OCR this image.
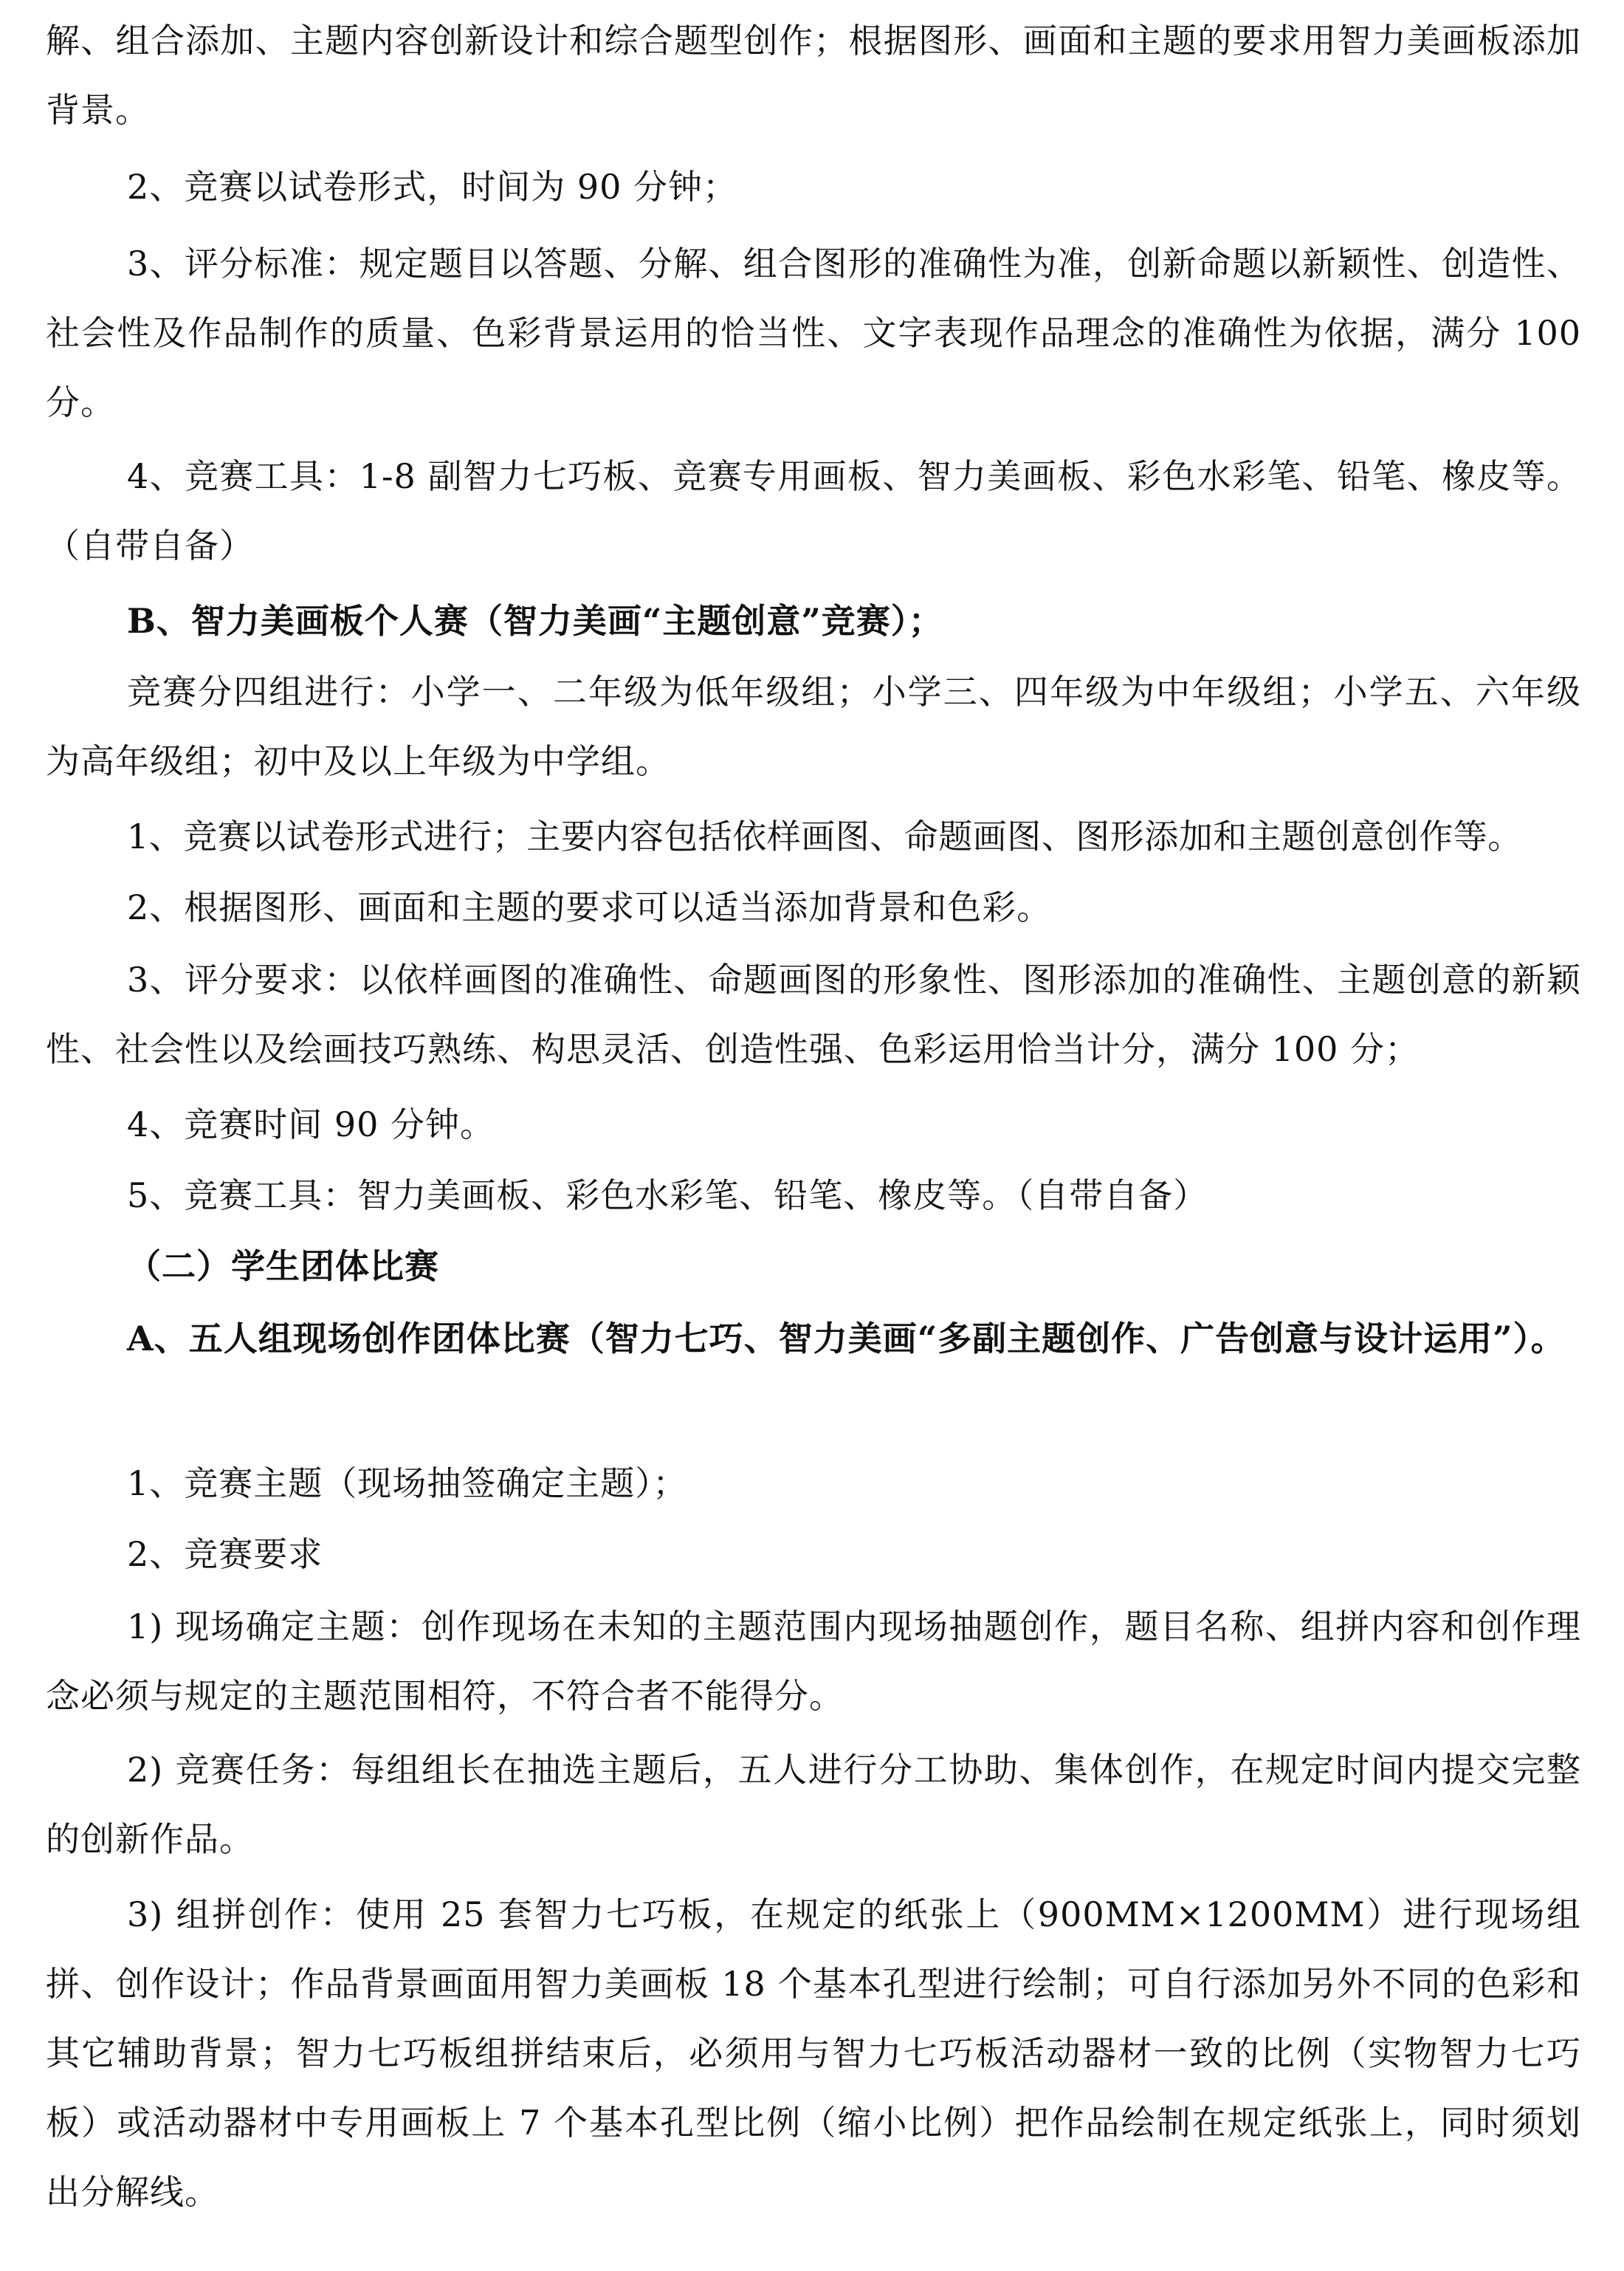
解、组合添加、主题内容创新设计和综合题型创作；根据图形、画面和主题的要求用智力美画板添加背景。

2、竞赛以试卷形式，时间为 90 分钟；

3、评分标准：规定题目以答题、分解、组合图形的准确性为准，创新命题以新颖性、创造性、社会性及作品制作的质量、色彩背景运用的恰当性、文字表现作品理念的准确性为依据，满分 100 分。

4、竞赛工具：1-8 副智力七巧板、竞赛专用画板、智力美画板、彩色水彩笔、铅笔、橡皮等。（自带自备）

B、智力美画板个人赛（智力美画“主题创意”竞赛）；

竞赛分四组进行：小学一、二年级为低年级组；小学三、四年级为中年级组；小学五、六年级为高年级组；初中及以上年级为中学组。

1、竞赛以试卷形式进行；主要内容包括依样画图、命题画图、图形添加和主题创意创作等。

2、根据图形、画面和主题的要求可以适当添加背景和色彩。

3、评分要求：以依样画图的准确性、命题画图的形象性、图形添加的准确性、主题创意的新颖性、社会性以及绘画技巧熟练、构思灵活、创造性强、色彩运用恰当计分，满分 100 分；

4、竞赛时间 90 分钟。

5、竞赛工具：智力美画板、彩色水彩笔、铅笔、橡皮等。（自带自备）

（二）学生团体比赛

A、五人组现场创作团体比赛（智力七巧、智力美画“多副主题创作、广告创意与设计运用”）。

1、竞赛主题（现场抽签确定主题）；

2、竞赛要求

1) 现场确定主题：创作现场在未知的主题范围内现场抽题创作，题目名称、组拼内容和创作理念必须与规定的主题范围相符，不符合者不能得分。

2) 竞赛任务：每组组长在抽选主题后，五人进行分工协助、集体创作，在规定时间内提交完整的创新作品。

3) 组拼创作：使用 25 套智力七巧板，在规定的纸张上（900MM×1200MM）进行现场组拼、创作设计；作品背景画面用智力美画板 18 个基本孔型进行绘制；可自行添加另外不同的色彩和其它辅助背景；智力七巧板组拼结束后，必须用与智力七巧板活动器材一致的比例（实物智力七巧板）或活动器材中专用画板上 7 个基本孔型比例（缩小比例）把作品绘制在规定纸张上，同时须划出分解线。
